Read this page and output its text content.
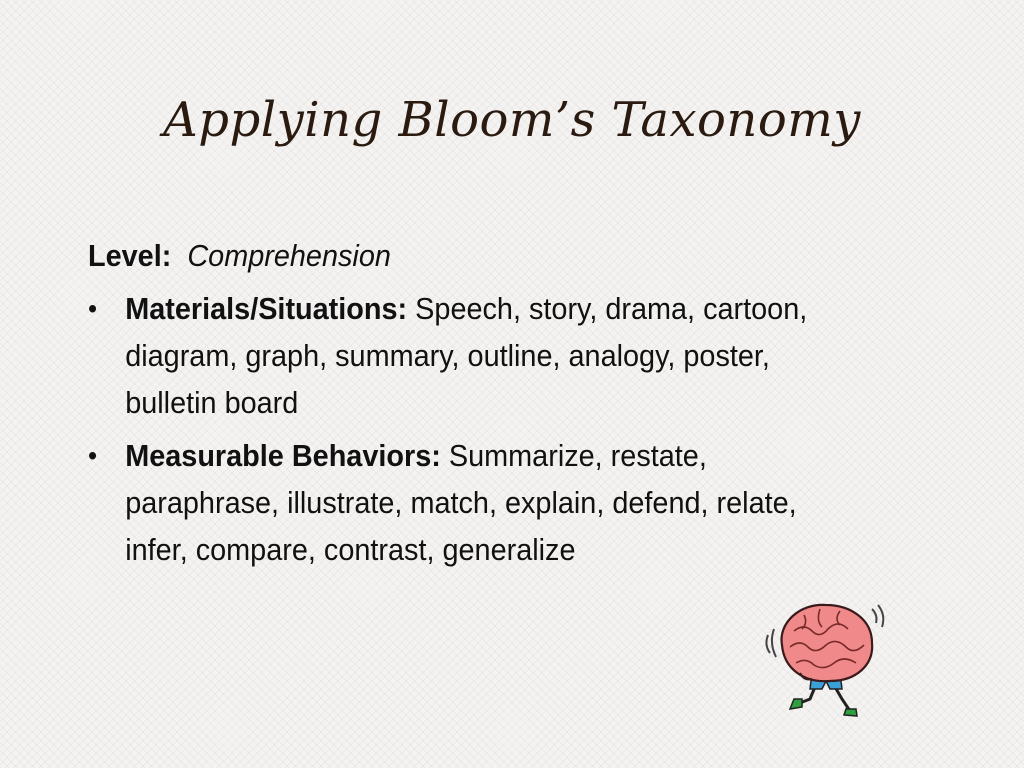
Applying Bloom’s Taxonomy
Level: Comprehension
• Materials/Situations: Speech, story, drama, cartoon, diagram, graph, summary, outline, analogy, poster, bulletin board
• Measurable Behaviors: Summarize, restate, paraphrase, illustrate, match, explain, defend, relate, infer, compare, contrast, generalize
